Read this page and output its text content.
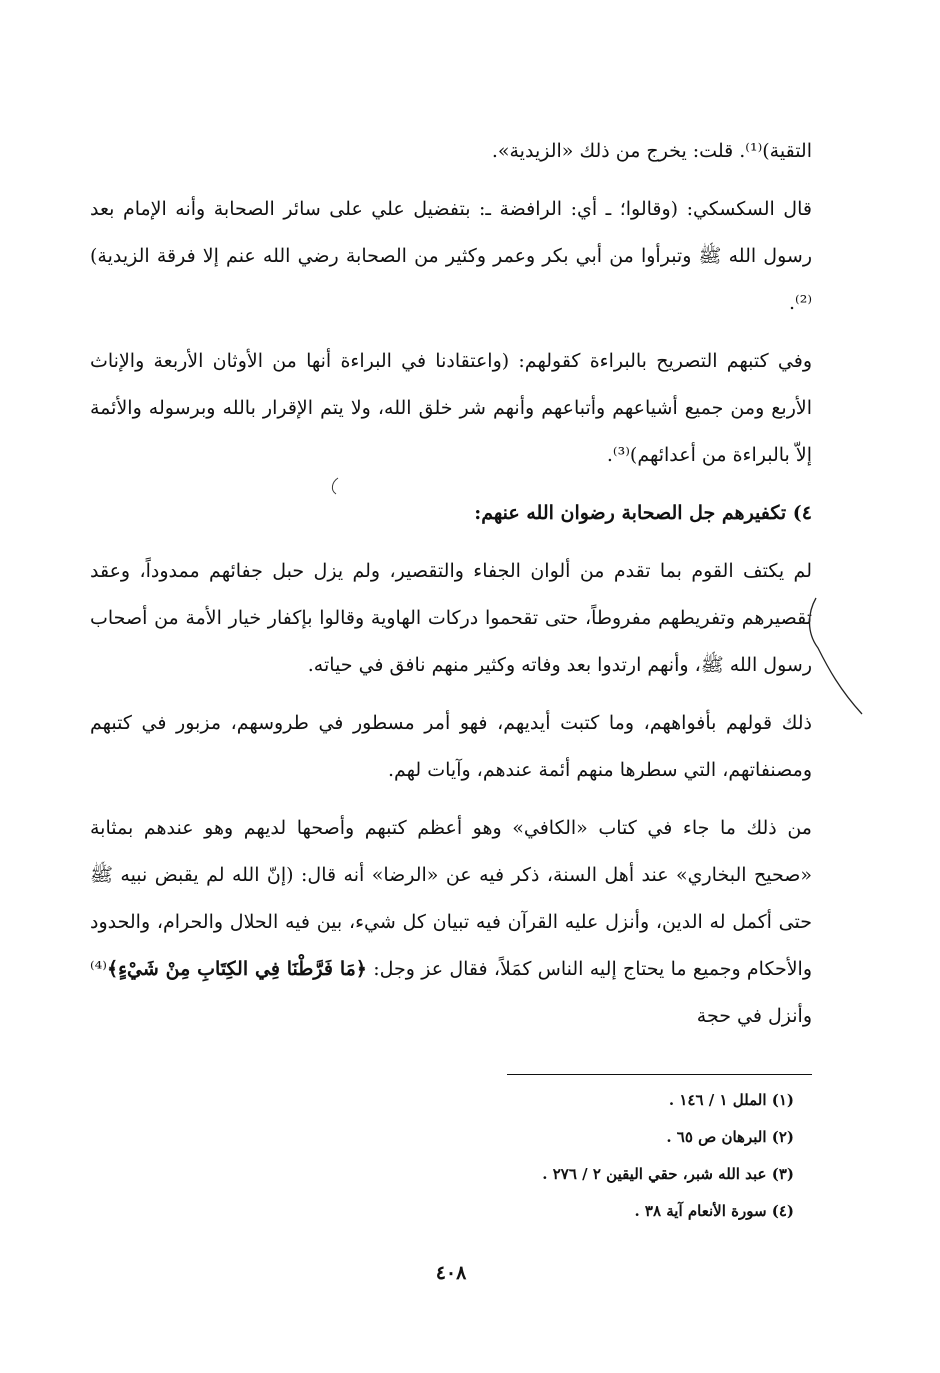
التقية)⁽¹⁾. قلت: يخرج من ذلك «الزيدية».

قال السكسكي: (وقالوا؛ ـ أي: الرافضة ـ: بتفضيل علي على سائر الصحابة وأنه الإمام بعد رسول الله ﷺ وتبرأوا من أبي بكر وعمر وكثير من الصحابة رضي الله عنم إلا فرقة الزيدية)⁽²⁾.

وفي كتبهم التصريح بالبراءة كقولهم: (واعتقادنا في البراءة أنها من الأوثان الأربعة والإناث الأربع ومن جميع أشياعهم وأتباعهم وأنهم شر خلق الله، ولا يتم الإقرار بالله وبرسوله والأئمة إلاّ بالبراءة من أعدائهم)⁽³⁾.

٤) تكفيرهم جل الصحابة رضوان الله عنهم:

لم يكتف القوم بما تقدم من ألوان الجفاء والتقصير، ولم يزل حبل جفائهم ممدوداً، وعقد تقصيرهم وتفريطهم مفروطاً، حتى تقحموا دركات الهاوية وقالوا بإكفار خيار الأمة من أصحاب رسول الله ﷺ، وأنهم ارتدوا بعد وفاته وكثير منهم نافق في حياته.

ذلك قولهم بأفواههم، وما كتبت أيديهم، فهو أمر مسطور في طروسهم، مزبور في كتبهم ومصنفاتهم، التي سطرها منهم أئمة عندهم، وآيات لهم.

من ذلك ما جاء في كتاب «الكافي» وهو أعظم كتبهم وأصحها لديهم وهو عندهم بمثابة «صحيح البخاري» عند أهل السنة، ذكر فيه عن «الرضا» أنه قال: (إنّ الله لم يقبض نبيه ﷺ حتى أكمل له الدين، وأنزل عليه القرآن فيه تبيان كل شيء، بين فيه الحلال والحرام، والحدود والأحكام وجميع ما يحتاج إليه الناس كمَلاً، فقال عز وجل: ﴿مَا فَرَّطْنَا فِي الكِتَابِ مِنْ شَيْءٍ﴾⁽⁴⁾ وأنزل في حجة

(١) الملل ١ / ١٤٦ .

(٢) البرهان ص ٦٥ .

(٣) عبد الله شبر، حقي اليقين ٢ / ٢٧٦ .

(٤) سورة الأنعام آية ٣٨ .

٤٠٨
